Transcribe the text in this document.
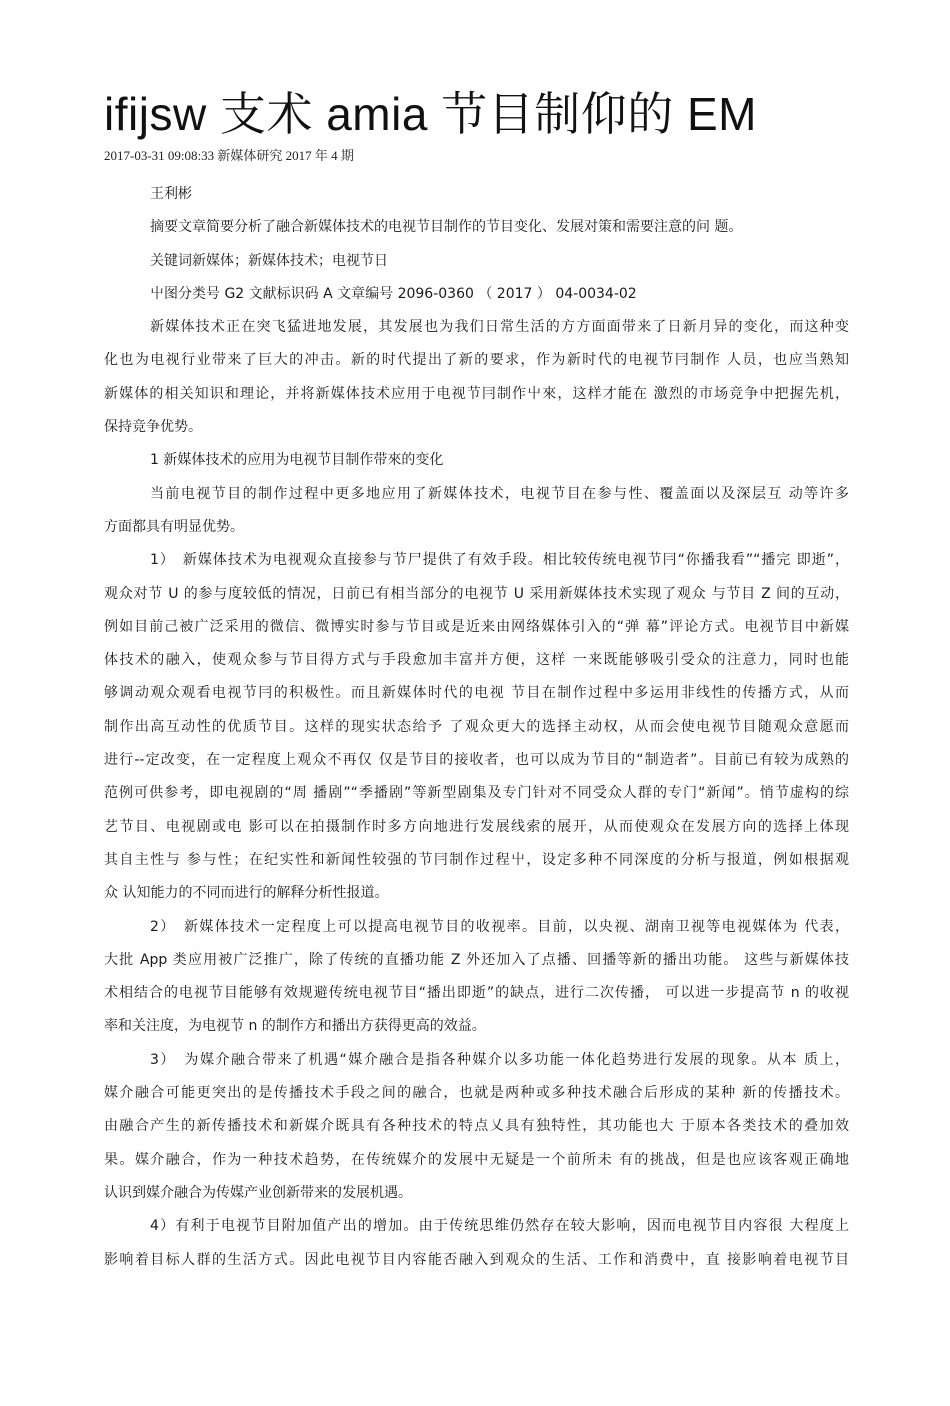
ifijsw 支术 amia 节目制仰的 EM
2017-03-31 09:08:33 新媒体研究 2017 年 4 期
王利彬
摘要文章简要分析了融合新媒体技术的电视节目制作的节目变化、发展对策和需要注意的问 题。
关键词新媒体；新媒体技术；电视节日
屮图分类号 G2 文献标识码 A 文章编号 2096-0360 （ 2017 ） 04-0034-02
新媒体技术正在突飞猛进地发展，其发展也为我们日常生活的方方面面带来了日新月异的变化，而这种变
化也为电视行业带来了巨大的冲击。新的时代提出了新的要求，作为新时代的电视节冃制作 人员，也应当熟知
新媒体的相关知识和理论，并将新媒体技术应用于电视节冃制作屮來，这样才能在 激烈的市场竞争中把握先机，
保持竞争优势。
1 新媒体技术的应用为电视节目制作带來的变化
当前电视节目的制作过程中更多地应用了新媒体技术，电视节目在参与性、覆盖面以及深层互 动等许多
方面都具有明显优势。
1）　新媒体技术为电视观众直接参与节尸提供了有效手段。相比较传统电视节冃“你播我看”“播完 即逝”，
观众对节 U 的参与度较低的情况，日前已有相当部分的电视节 U 采用新媒体技术实现了观众 与节目 Z 间的互动，
例如目前己被广泛采用的微信、微博实时参与节目或是近来由网络媒体引入的“弹 幕”评论方式。电视节目中新媒
体技术的融入，使观众参与节目得方式与手段愈加丰富并方便，这样 一来既能够吸引受众的注意力，同时也能
够调动观众观看电视节冃的积极性。而且新媒体时代的电视 节目在制作过程中多运用非线性的传播方式，从而
制作出高互动性的优质节目。这样的现实状态给予 了观众更大的选择主动权，从而会使电视节目随观众意愿而
进行--定改变，在一定程度上观众不再仅 仅是节目的接收者，也可以成为节目的“制造者”。目前已有较为成熟的
范例可供参考，即电视剧的“周 播剧”“季播剧”等新型剧集及专门针对不同受众人群的专门“新闻”。悄节虚构的综
艺节目、电视剧或电 影可以在拍摄制作时多方向地进行发展线索的展开，从而使观众在发展方向的选择上体现
其自主性与 参与性；在纪实性和新闻性较强的节冃制作过程屮，设定多种不同深度的分析与报道，例如根据观
众 认知能力的不同而进行的解释分析性报道。
2）　新媒体技术一定程度上可以提高电视节目的收视率。目前，以央视、湖南卫视等电视媒体为 代表，
大批 App 类应用被广泛推广，除了传统的直播功能 Z 外还加入了点播、回播等新的播出功能。 这些与新媒体技
术相结合的电视节目能够有效规避传统电视节目“播出即逝”的缺点，进行二次传播， 可以进一步提高节 n 的收视
率和关注度，为电视节 n 的制作方和播出方获得更高的效益。
3）　为媒介融合带来了机遇“媒介融合是指各种媒介以多功能一体化趋势进行发展的现象。从本 质上，
媒介融合可能更突出的是传播技术手段之间的融合，也就是两种或多种技术融合后形成的某种 新的传播技术。
由融合产生的新传播技术和新媒介既具有各种技术的特点乂具有独特性，其功能也大 于原本各类技术的叠加效
果。媒介融合，作为一种技术趋势，在传统媒介的发展中无疑是一个前所未 有的挑战，但是也应该客观正确地
认识到媒介融合为传媒产业创新带来的发展机遇。
4）有利于电视节目附加值产出的增加。由于传统思维仍然存在较大影响，因而电视节目内容很 大程度上
影响着目标人群的生活方式。因此电视节目内容能否融入到观众的生活、工作和消费中，直 接影响着电视节目
